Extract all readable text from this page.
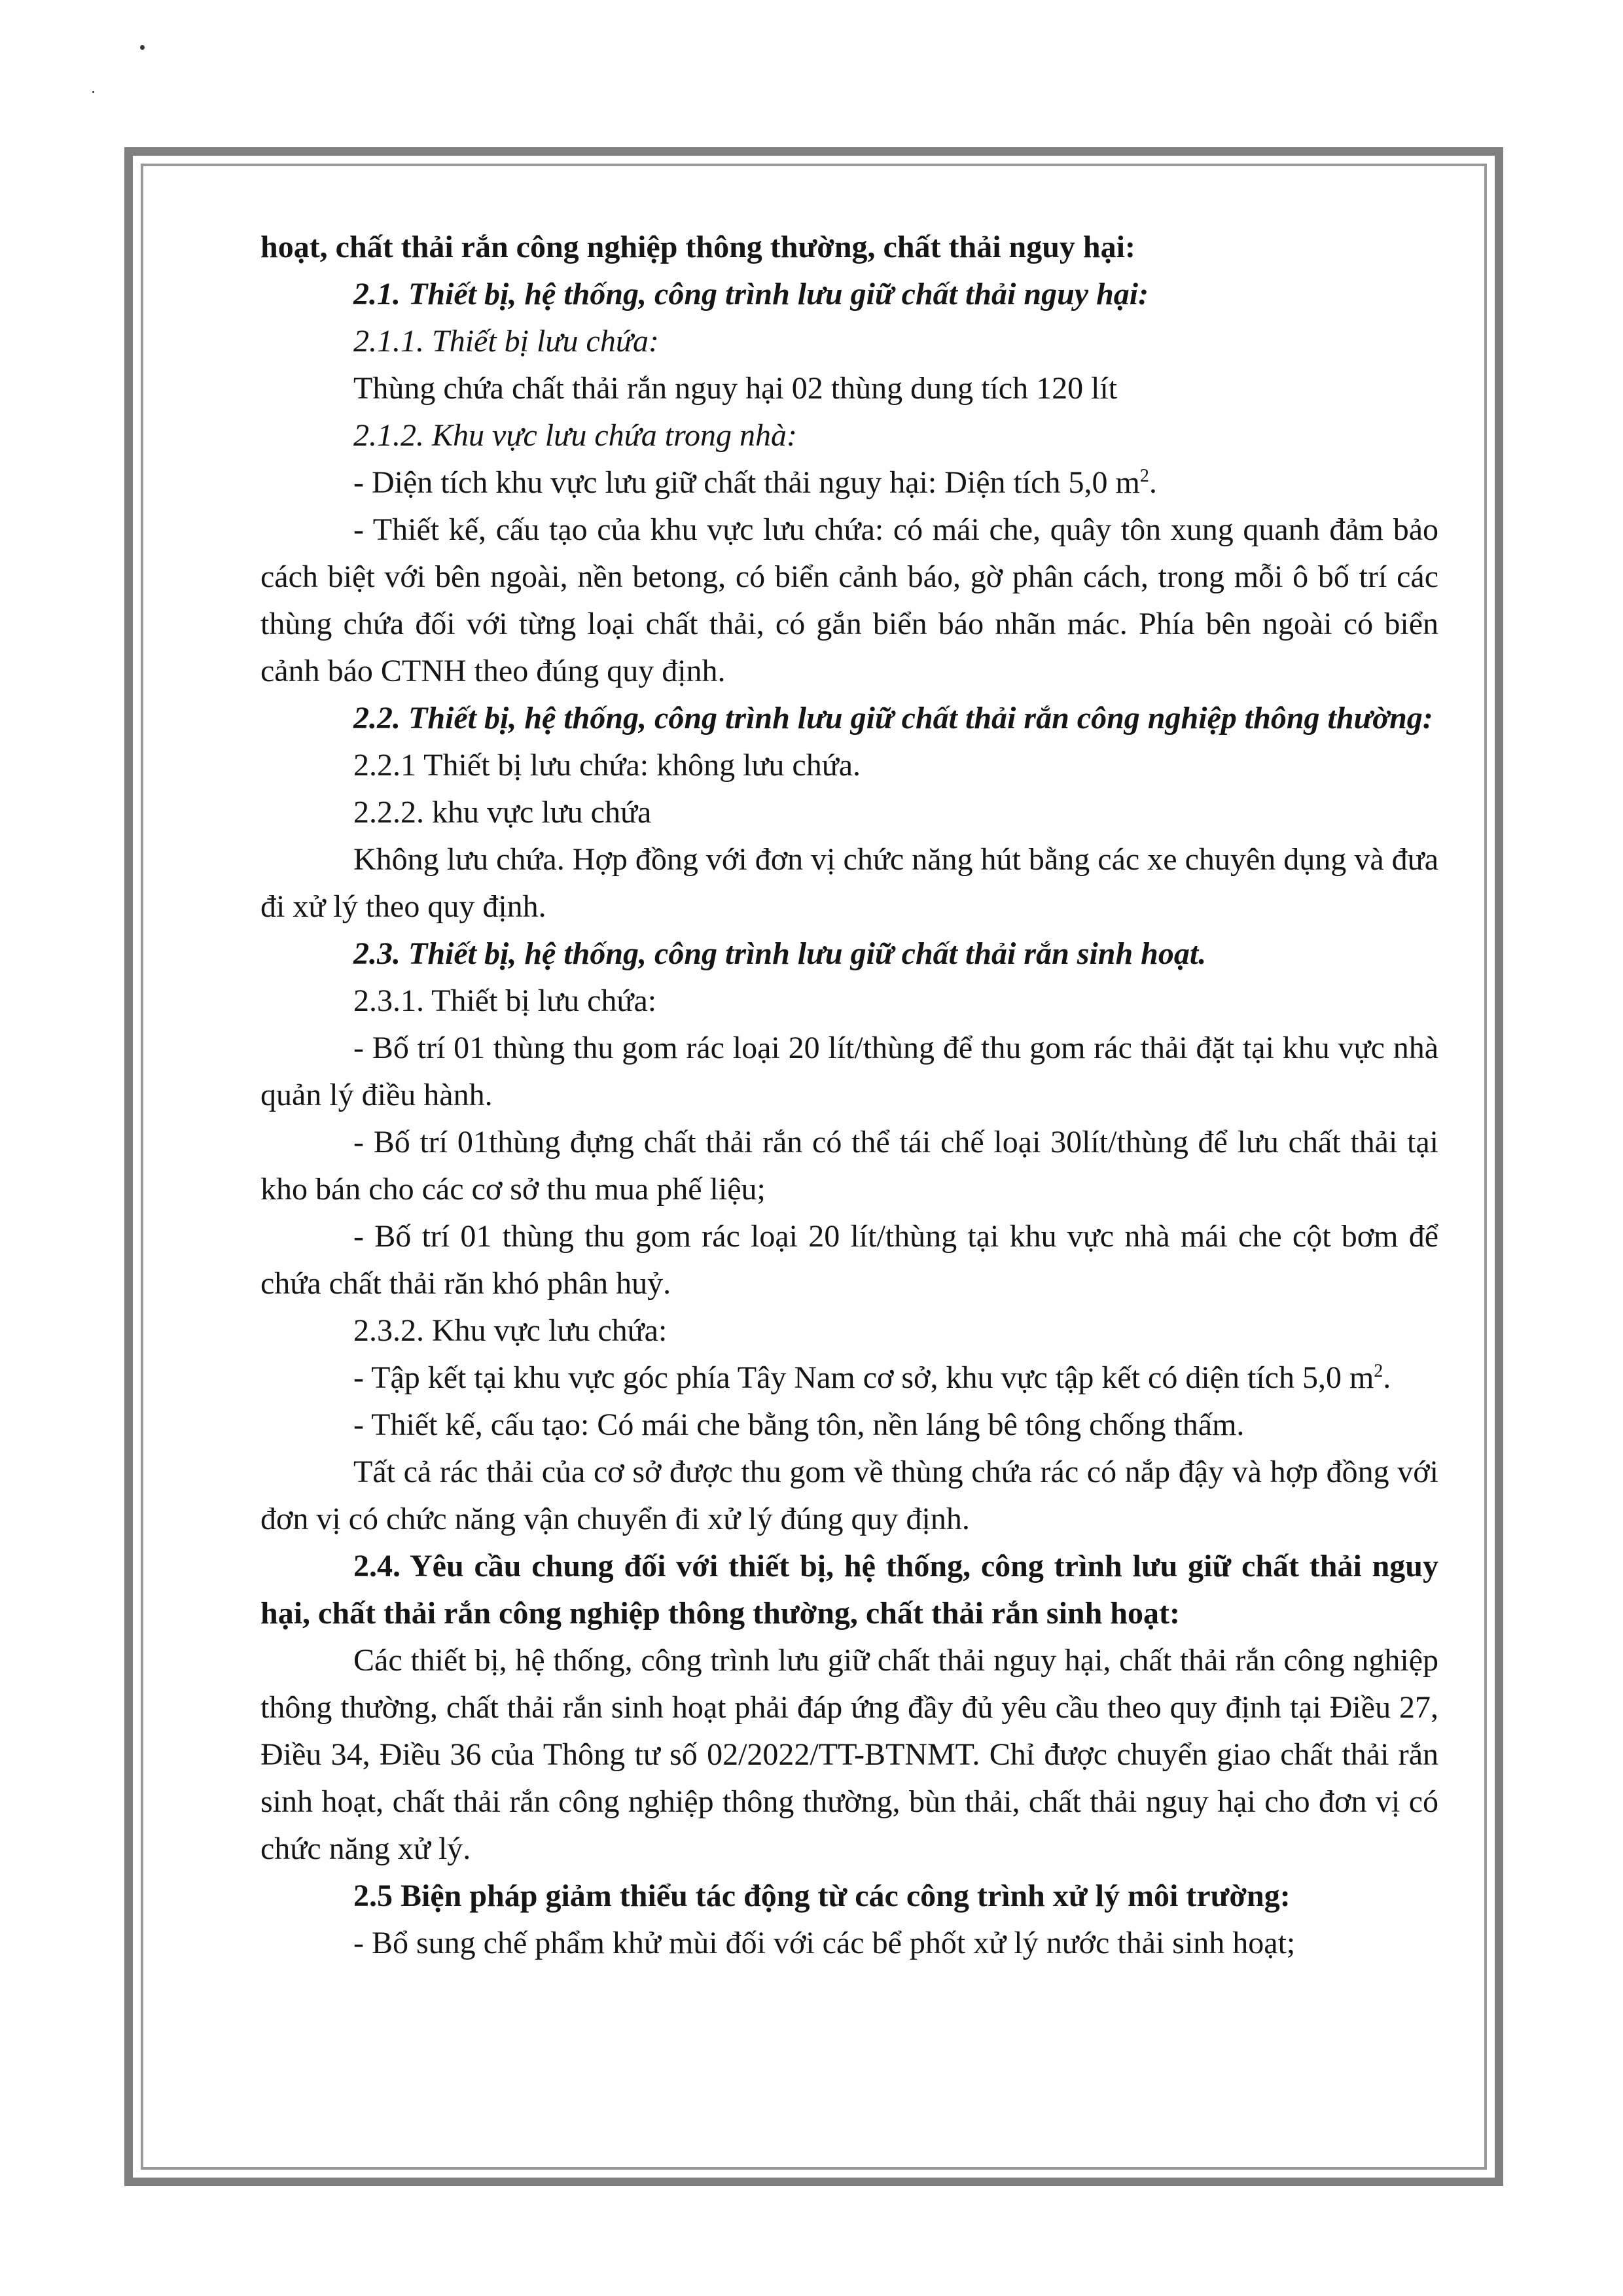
hoạt, chất thải rắn công nghiệp thông thường, chất thải nguy hại:

2.1. Thiết bị, hệ thống, công trình lưu giữ chất thải nguy hại:

2.1.1. Thiết bị lưu chứa:

Thùng chứa chất thải rắn nguy hại 02 thùng dung tích 120 lít

2.1.2. Khu vực lưu chứa trong nhà:

- Diện tích khu vực lưu giữ chất thải nguy hại: Diện tích 5,0 $m^2$.

- Thiết kế, cấu tạo của khu vực lưu chứa: có mái che, quây tôn xung quanh đảm bảo cách biệt với bên ngoài, nền betong, có biển cảnh báo, gờ phân cách, trong mỗi ô bố trí các thùng chứa đối với từng loại chất thải, có gắn biển báo nhãn mác. Phía bên ngoài có biển cảnh báo CTNH theo đúng quy định.

2.2. Thiết bị, hệ thống, công trình lưu giữ chất thải rắn công nghiệp thông thường:

2.2.1 Thiết bị lưu chứa: không lưu chứa.

2.2.2. khu vực lưu chứa

Không lưu chứa. Hợp đồng với đơn vị chức năng hút bằng các xe chuyên dụng và đưa đi xử lý theo quy định.

2.3. Thiết bị, hệ thống, công trình lưu giữ chất thải rắn sinh hoạt.

2.3.1. Thiết bị lưu chứa:

- Bố trí 01 thùng thu gom rác loại 20 lít/thùng để thu gom rác thải đặt tại khu vực nhà quản lý điều hành.

- Bố trí 01thùng đựng chất thải rắn có thể tái chế loại 30lít/thùng để lưu chất thải tại kho bán cho các cơ sở thu mua phế liệu;

- Bố trí 01 thùng thu gom rác loại 20 lít/thùng tại khu vực nhà mái che cột bơm để chứa chất thải răn khó phân huỷ.

2.3.2. Khu vực lưu chứa:

- Tập kết tại khu vực góc phía Tây Nam cơ sở, khu vực tập kết có diện tích 5,0 $m^2$.

- Thiết kế, cấu tạo: Có mái che bằng tôn, nền láng bê tông chống thấm.

Tất cả rác thải của cơ sở được thu gom về thùng chứa rác có nắp đậy và hợp đồng với đơn vị có chức năng vận chuyển đi xử lý đúng quy định.

2.4. Yêu cầu chung đối với thiết bị, hệ thống, công trình lưu giữ chất thải nguy hại, chất thải rắn công nghiệp thông thường, chất thải rắn sinh hoạt:

Các thiết bị, hệ thống, công trình lưu giữ chất thải nguy hại, chất thải rắn công nghiệp thông thường, chất thải rắn sinh hoạt phải đáp ứng đầy đủ yêu cầu theo quy định tại Điều 27, Điều 34, Điều 36 của Thông tư số 02/2022/TT-BTNMT. Chỉ được chuyển giao chất thải rắn sinh hoạt, chất thải rắn công nghiệp thông thường, bùn thải, chất thải nguy hại cho đơn vị có chức năng xử lý.

2.5 Biện pháp giảm thiểu tác động từ các công trình xử lý môi trường:

- Bổ sung chế phẩm khử mùi đối với các bể phốt xử lý nước thải sinh hoạt;
